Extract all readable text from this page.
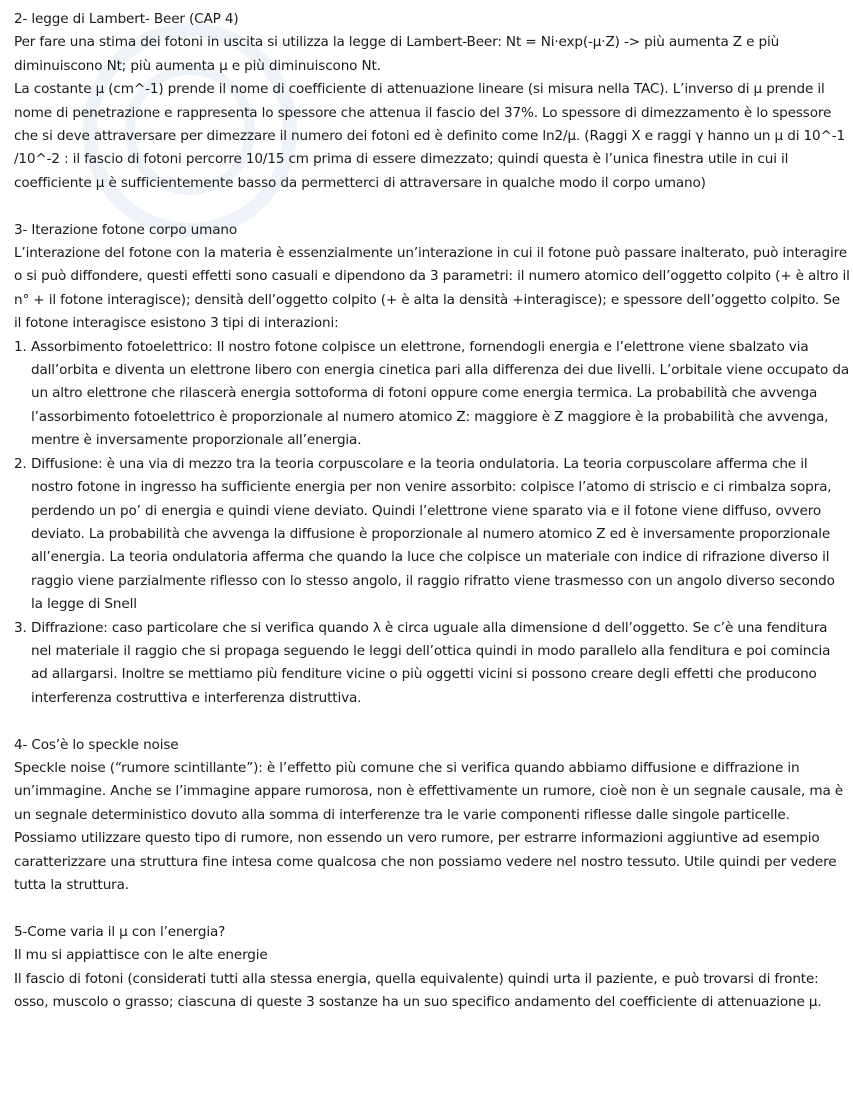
2- legge di Lambert- Beer (CAP 4)

Per fare una stima dei fotoni in uscita si utilizza la legge di Lambert-Beer: Nt = Ni·exp(-μ·Z) -> più aumenta Z e più diminuiscono Nt; più aumenta μ e più diminuiscono Nt.

La costante μ (cm^-1) prende il nome di coefficiente di attenuazione lineare (si misura nella TAC). L’inverso di μ prende il nome di penetrazione e rappresenta lo spessore che attenua il fascio del 37%. Lo spessore di dimezzamento è lo spessore che si deve attraversare per dimezzare il numero dei fotoni ed è definito come ln2/μ. (Raggi X e raggi γ hanno un μ di 10^-1 /10^-2 : il fascio di fotoni percorre 10/15 cm prima di essere dimezzato; quindi questa è l’unica finestra utile in cui il coefficiente μ è sufficientemente basso da permetterci di attraversare in qualche modo il corpo umano)

3- Iterazione fotone corpo umano

L’interazione del fotone con la materia è essenzialmente un’interazione in cui il fotone può passare inalterato, può interagire o si può diffondere, questi effetti sono casuali e dipendono da 3 parametri: il numero atomico dell’oggetto colpito (+ è altro il n° + il fotone interagisce); densità dell’oggetto colpito (+ è alta la densità +interagisce); e spessore dell’oggetto colpito. Se il fotone interagisce esistono 3 tipi di interazioni:

1. Assorbimento fotoelettrico: Il nostro fotone colpisce un elettrone, fornendogli energia e l’elettrone viene sbalzato via dall’orbita e diventa un elettrone libero con energia cinetica pari alla differenza dei due livelli. L’orbitale viene occupato da un altro elettrone che rilascerà energia sottoforma di fotoni oppure come energia termica. La probabilità che avvenga l’assorbimento fotoelettrico è proporzionale al numero atomico Z: maggiore è Z maggiore è la probabilità che avvenga, mentre è inversamente proporzionale all’energia.
2. Diffusione: è una via di mezzo tra la teoria corpuscolare e la teoria ondulatoria. La teoria corpuscolare afferma che il nostro fotone in ingresso ha sufficiente energia per non venire assorbito: colpisce l’atomo di striscio e ci rimbalza sopra, perdendo un po’ di energia e quindi viene deviato. Quindi l’elettrone viene sparato via e il fotone viene diffuso, ovvero deviato. La probabilità che avvenga la diffusione è proporzionale al numero atomico Z ed è inversamente proporzionale all’energia. La teoria ondulatoria afferma che quando la luce che colpisce un materiale con indice di rifrazione diverso il raggio viene parzialmente riflesso con lo stesso angolo, il raggio rifratto viene trasmesso con un angolo diverso secondo la legge di Snell
3. Diffrazione: caso particolare che si verifica quando λ è circa uguale alla dimensione d dell’oggetto. Se c’è una fenditura nel materiale il raggio che si propaga seguendo le leggi dell’ottica quindi in modo parallelo alla fenditura e poi comincia ad allargarsi. Inoltre se mettiamo più fenditure vicine o più oggetti vicini si possono creare degli effetti che producono interferenza costruttiva e interferenza distruttiva.
4- Cos’è lo speckle noise

Speckle noise (“rumore scintillante”): è l’effetto più comune che si verifica quando abbiamo diffusione e diffrazione in un’immagine. Anche se l’immagine appare rumorosa, non è effettivamente un rumore, cioè non è un segnale causale, ma è un segnale deterministico dovuto alla somma di interferenze tra le varie componenti riflesse dalle singole particelle. Possiamo utilizzare questo tipo di rumore, non essendo un vero rumore, per estrarre informazioni aggiuntive ad esempio caratterizzare una struttura fine intesa come qualcosa che non possiamo vedere nel nostro tessuto. Utile quindi per vedere tutta la struttura.

5-Come varia il μ con l’energia?

Il mu si appiattisce con le alte energie

Il fascio di fotoni (considerati tutti alla stessa energia, quella equivalente) quindi urta il paziente, e può trovarsi di fronte: osso, muscolo o grasso; ciascuna di queste 3 sostanze ha un suo specifico andamento del coefficiente di attenuazione μ.
